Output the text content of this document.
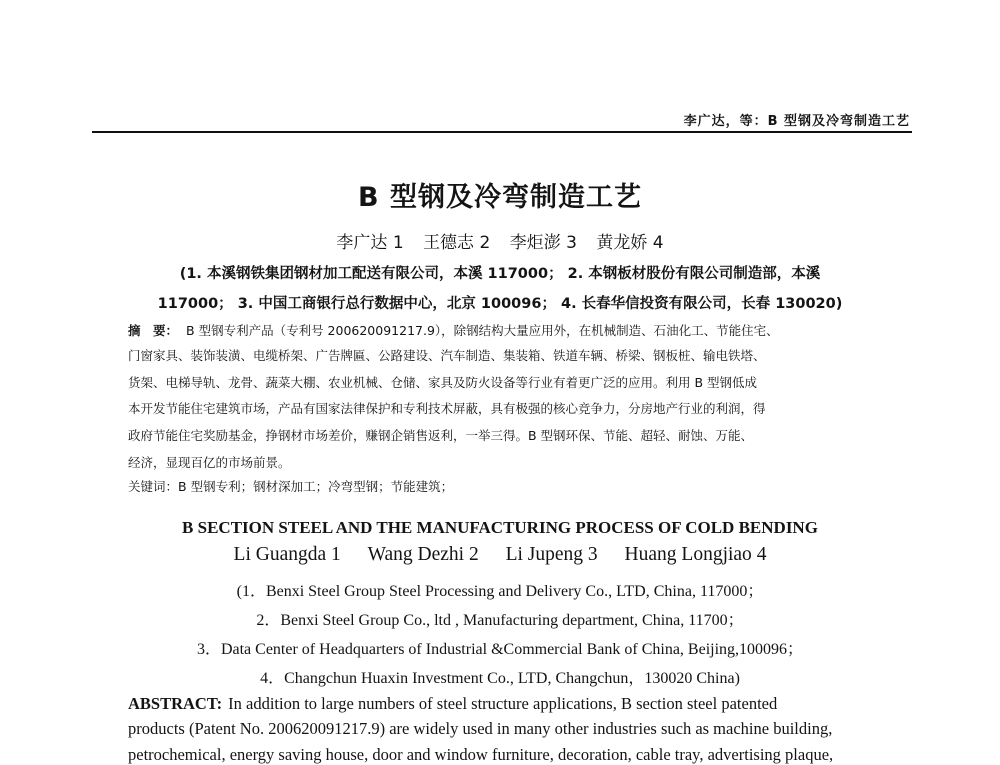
李广达，等：B 型钢及冷弯制造工艺
B 型钢及冷弯制造工艺
李广达 1 王德志 2 李炬澎 3 黄龙娇 4
(1. 本溪钢铁集团钢材加工配送有限公司，本溪 117000； 2. 本钢板材股份有限公司制造部，本溪
117000； 3. 中国工商银行总行数据中心，北京 100096； 4. 长春华信投资有限公司，长春 130020)
摘　要： B 型钢专利产品（专利号 200620091217.9），除钢结构大量应用外，在机械制造、石油化工、节能住宅、
门窗家具、装饰装潢、电缆桥架、广告牌匾、公路建设、汽车制造、集装箱、铁道车辆、桥梁、钢板桩、输电铁塔、
货架、电梯导轨、龙骨、蔬菜大棚、农业机械、仓储、家具及防火设备等行业有着更广泛的应用。利用 B 型钢低成
本开发节能住宅建筑市场，产品有国家法律保护和专利技术屏蔽，具有极强的核心竞争力，分房地产行业的利润，得
政府节能住宅奖励基金，挣钢材市场差价，赚钢企销售返利，一举三得。B 型钢环保、节能、超轻、耐蚀、万能、
经济，显现百亿的市场前景。
关键词：B 型钢专利；钢材深加工；冷弯型钢；节能建筑；
B SECTION STEEL AND THE MANUFACTURING PROCESS OF COLD BENDING
Li Guangda 1 Wang Dezhi 2 Li Jupeng 3 Huang Longjiao 4
(1．Benxi Steel Group Steel Processing and Delivery Co., LTD, China, 117000；
2．Benxi Steel Group Co., ltd , Manufacturing department, China, 11700；
3．Data Center of Headquarters of Industrial &Commercial Bank of China, Beijing,100096；
4．Changchun Huaxin Investment Co., LTD, Changchun，130020 China)
ABSTRACT: In addition to large numbers of steel structure applications, B section steel patented
products (Patent No. 200620091217.9) are widely used in many other industries such as machine building,
petrochemical, energy saving house, door and window furniture, decoration, cable tray, advertising plaque,
